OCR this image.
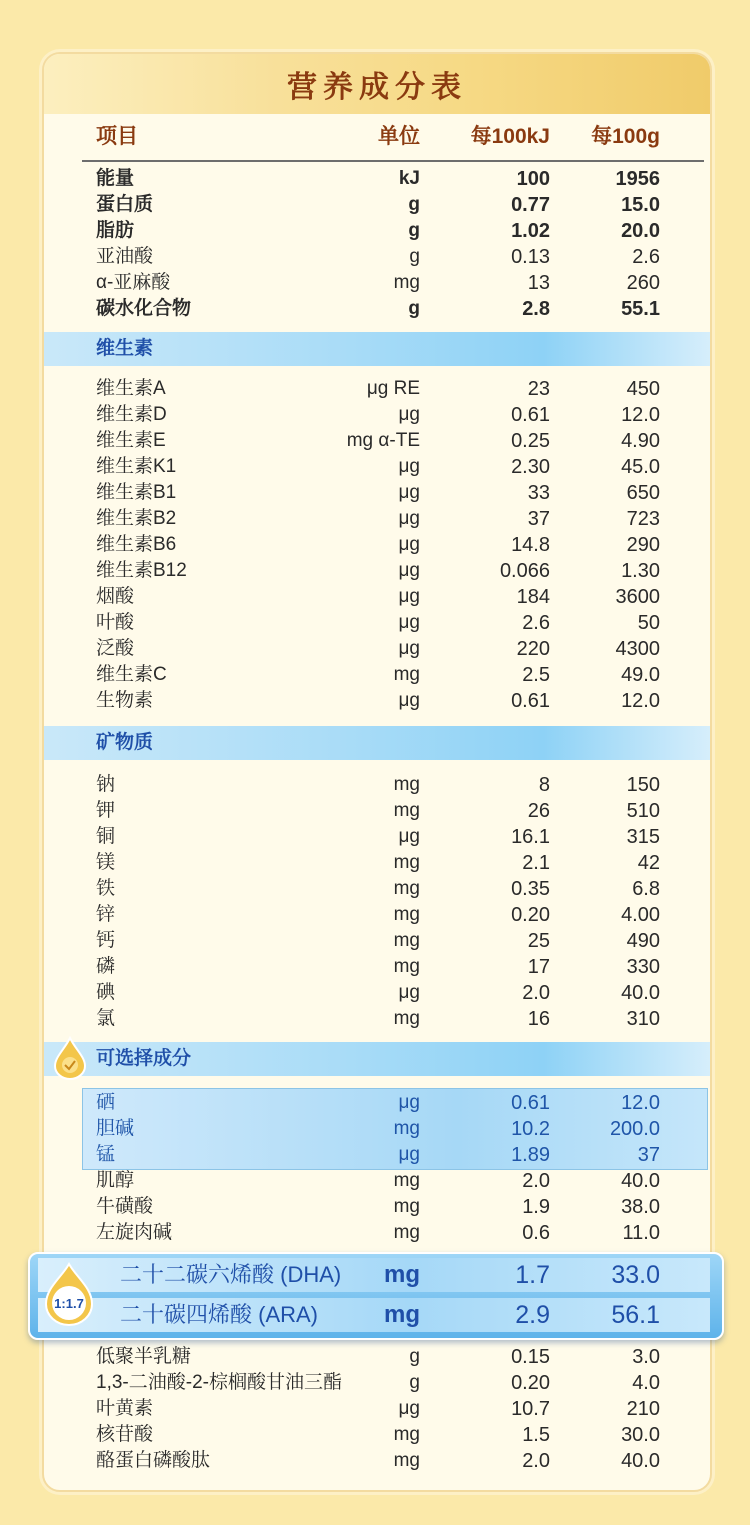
营养成分表
项目	单位 每100kJ 每100g
能量	kJ	100	1956
蛋白质	g	0.77	15.0
脂肪	g	1.02	20.0
亚油酸	g	0.13	2.6
α-亚麻酸	mg	13	260
碳水化合物	g	2.8	55.1
维生素
维生素A	μg RE	23	450
维生素D	μg	0.61	12.0
维生素E	mg α-TE	0.25	4.90
维生素K1	μg	2.30	45.0
维生素B1	μg	33	650
维生素B2	μg	37	723
维生素B6	μg	14.8	290
维生素B12	μg	0.066	1.30
烟酸	μg	184	3600
叶酸	μg	2.6	50
泛酸	μg	220	4300
维生素C	mg	2.5	49.0
生物素	μg	0.61	12.0
矿物质
钠	mg	8	150
钾	mg	26	510
铜	μg	16.1	315
镁	mg	2.1	42
铁	mg	0.35	6.8
锌	mg	0.20	4.00
钙	mg	25	490
磷	mg	17	330
碘	μg	2.0	40.0
氯	mg	16	310
可选择成分
硒	μg	0.61	12.0
胆碱	mg	10.2	200.0
锰	μg	1.89	37
肌醇	mg	2.0	40.0
牛磺酸	mg	1.9	38.0
左旋肉碱	mg	0.6	11.0
低聚半乳糖	g	0.15	3.0
1,3-二油酸-2-棕榈酸甘油三酯	g	0.20	4.0
叶黄素	μg	10.7	210
核苷酸	mg	1.5	30.0
酪蛋白磷酸肽	mg	2.0	40.0
1:1.7
二十二碳六烯酸 (DHA) mg	1.7 33.0
二十碳四烯酸 (ARA)	mg	2.9 56.1
